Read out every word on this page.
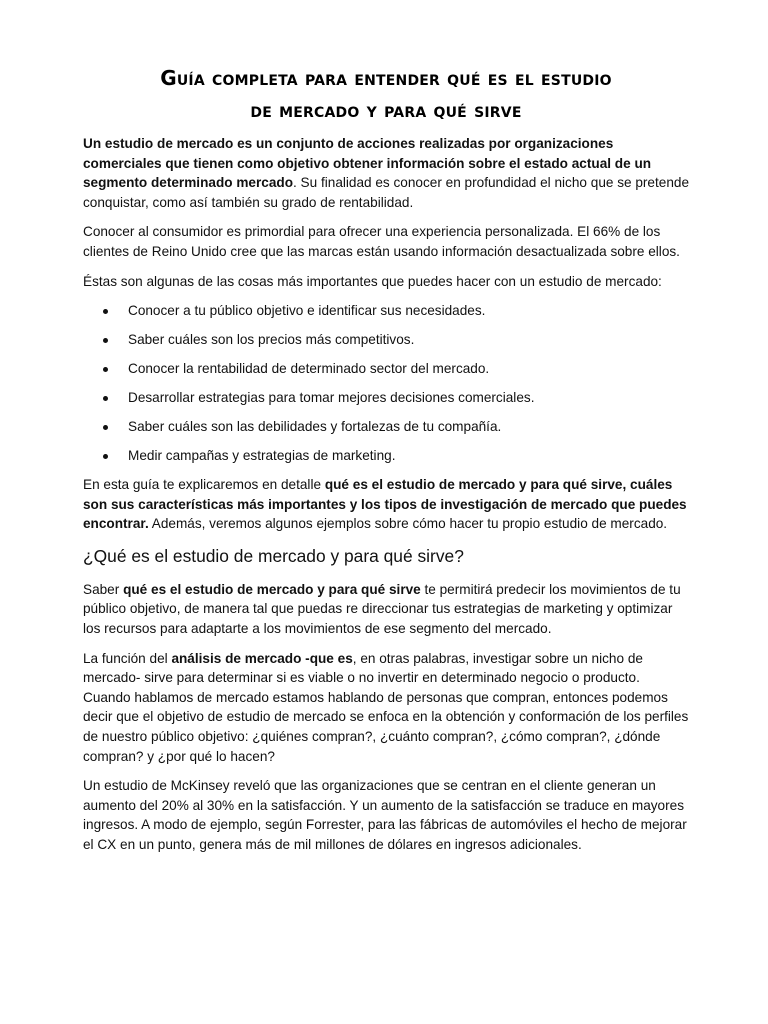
Guía completa para entender qué es el estudio
de mercado y para qué sirve

Un estudio de mercado es un conjunto de acciones realizadas por organizaciones comerciales que tienen como objetivo obtener información sobre el estado actual de un segmento determinado mercado. Su finalidad es conocer en profundidad el nicho que se pretende conquistar, como así también su grado de rentabilidad.

Conocer al consumidor es primordial para ofrecer una experiencia personalizada. El 66% de los clientes de Reino Unido cree que las marcas están usando información desactualizada sobre ellos.

Éstas son algunas de las cosas más importantes que puedes hacer con un estudio de mercado:

Conocer a tu público objetivo e identificar sus necesidades.
Saber cuáles son los precios más competitivos.
Conocer la rentabilidad de determinado sector del mercado.
Desarrollar estrategias para tomar mejores decisiones comerciales.
Saber cuáles son las debilidades y fortalezas de tu compañía.
Medir campañas y estrategias de marketing.

En esta guía te explicaremos en detalle qué es el estudio de mercado y para qué sirve, cuáles son sus características más importantes y los tipos de investigación de mercado que puedes encontrar. Además, veremos algunos ejemplos sobre cómo hacer tu propio estudio de mercado.

¿Qué es el estudio de mercado y para qué sirve?

Saber qué es el estudio de mercado y para qué sirve te permitirá predecir los movimientos de tu público objetivo, de manera tal que puedas re direccionar tus estrategias de marketing y optimizar los recursos para adaptarte a los movimientos de ese segmento del mercado.

La función del análisis de mercado -que es, en otras palabras, investigar sobre un nicho de mercado- sirve para determinar si es viable o no invertir en determinado negocio o producto. Cuando hablamos de mercado estamos hablando de personas que compran, entonces podemos decir que el objetivo de estudio de mercado se enfoca en la obtención y conformación de los perfiles de nuestro público objetivo: ¿quiénes compran?, ¿cuánto compran?, ¿cómo compran?, ¿dónde compran? y ¿por qué lo hacen?

Un estudio de McKinsey reveló que las organizaciones que se centran en el cliente generan un aumento del 20% al 30% en la satisfacción. Y un aumento de la satisfacción se traduce en mayores ingresos. A modo de ejemplo, según Forrester, para las fábricas de automóviles el hecho de mejorar el CX en un punto, genera más de mil millones de dólares en ingresos adicionales.
